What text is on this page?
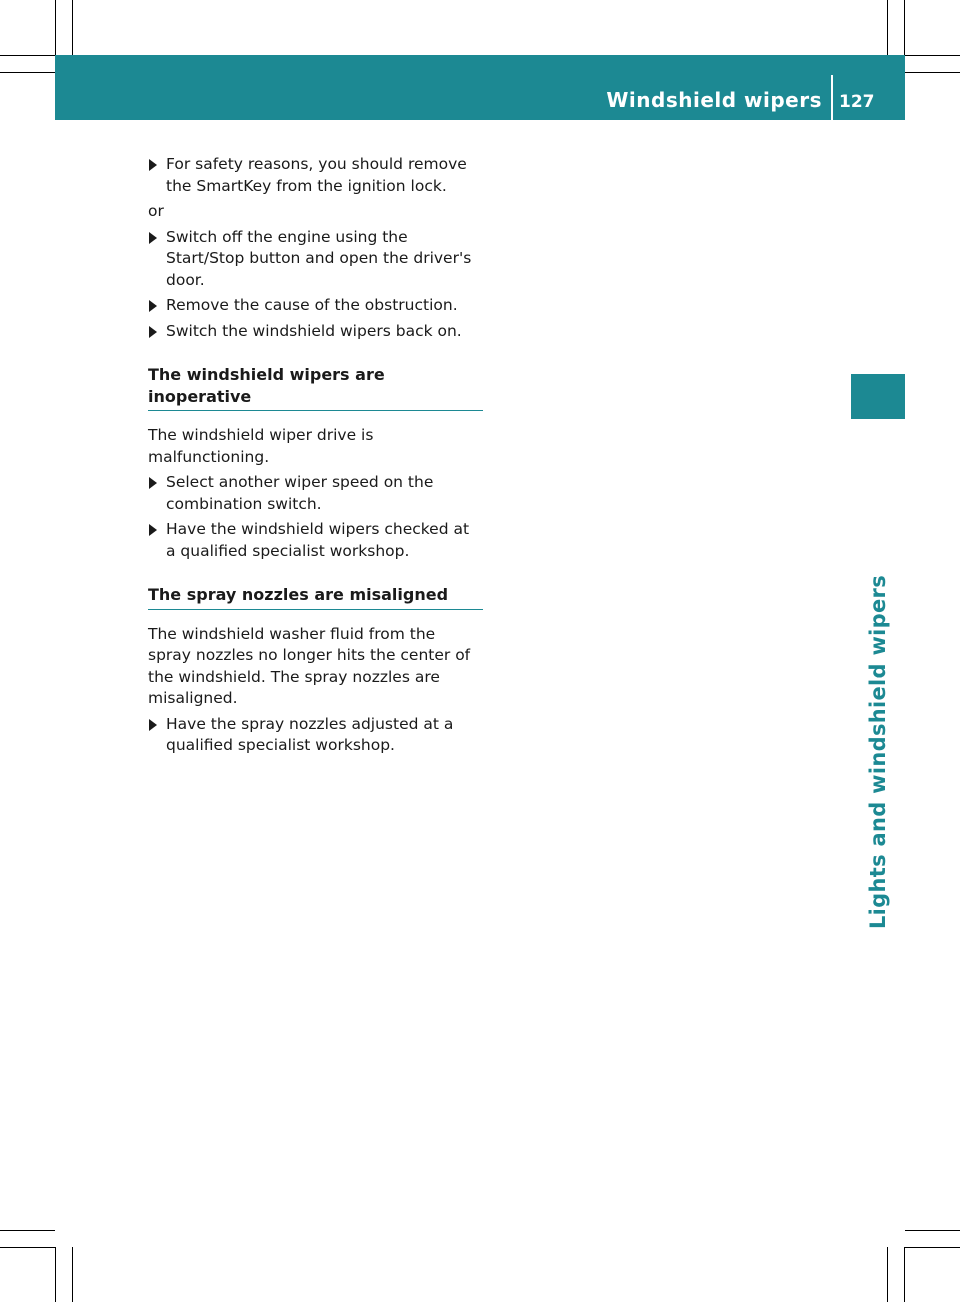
Windshield wipers 127
Lights and windshield wipers
For safety reasons, you should remove the SmartKey from the ignition lock.
or
Switch off the engine using the Start/Stop button and open the driver's door.
Remove the cause of the obstruction.
Switch the windshield wipers back on.
The windshield wipers are inoperative
The windshield wiper drive is malfunctioning.
Select another wiper speed on the combination switch.
Have the windshield wipers checked at a qualified specialist workshop.
The spray nozzles are misaligned
The windshield washer fluid from the spray nozzles no longer hits the center of the windshield. The spray nozzles are misaligned.
Have the spray nozzles adjusted at a qualified specialist workshop.
